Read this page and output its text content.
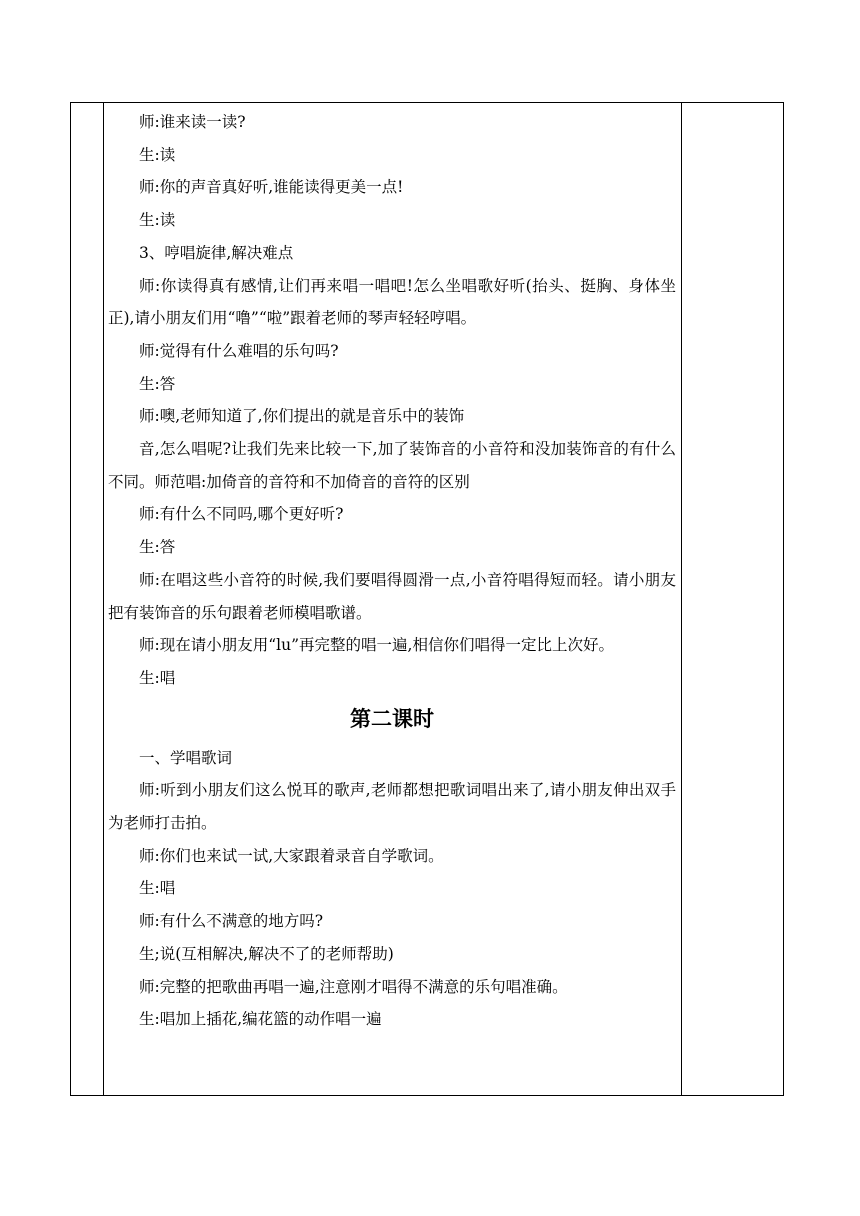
师:谁来读一读?

生:读

师:你的声音真好听,谁能读得更美一点!

生:读

3、哼唱旋律,解决难点

师:你读得真有感情,让们再来唱一唱吧!怎么坐唱歌好听(抬头、挺胸、身体坐正),请小朋友们用“噜”“啦”跟着老师的琴声轻轻哼唱。

师:觉得有什么难唱的乐句吗?

生:答

师:噢,老师知道了,你们提出的就是音乐中的装饰

音,怎么唱呢?让我们先来比较一下,加了装饰音的小音符和没加装饰音的有什么不同。师范唱:加倚音的音符和不加倚音的音符的区别

师:有什么不同吗,哪个更好听?

生:答

师:在唱这些小音符的时候,我们要唱得圆滑一点,小音符唱得短而轻。请小朋友把有装饰音的乐句跟着老师模唱歌谱。

师:现在请小朋友用“lu”再完整的唱一遍,相信你们唱得一定比上次好。

生:唱

第二课时

一、学唱歌词

师:听到小朋友们这么悦耳的歌声,老师都想把歌词唱出来了,请小朋友伸出双手为老师打击拍。

师:你们也来试一试,大家跟着录音自学歌词。

生:唱

师:有什么不满意的地方吗?

生;说(互相解决,解决不了的老师帮助)

师:完整的把歌曲再唱一遍,注意刚才唱得不满意的乐句唱准确。

生:唱加上插花,编花篮的动作唱一遍
